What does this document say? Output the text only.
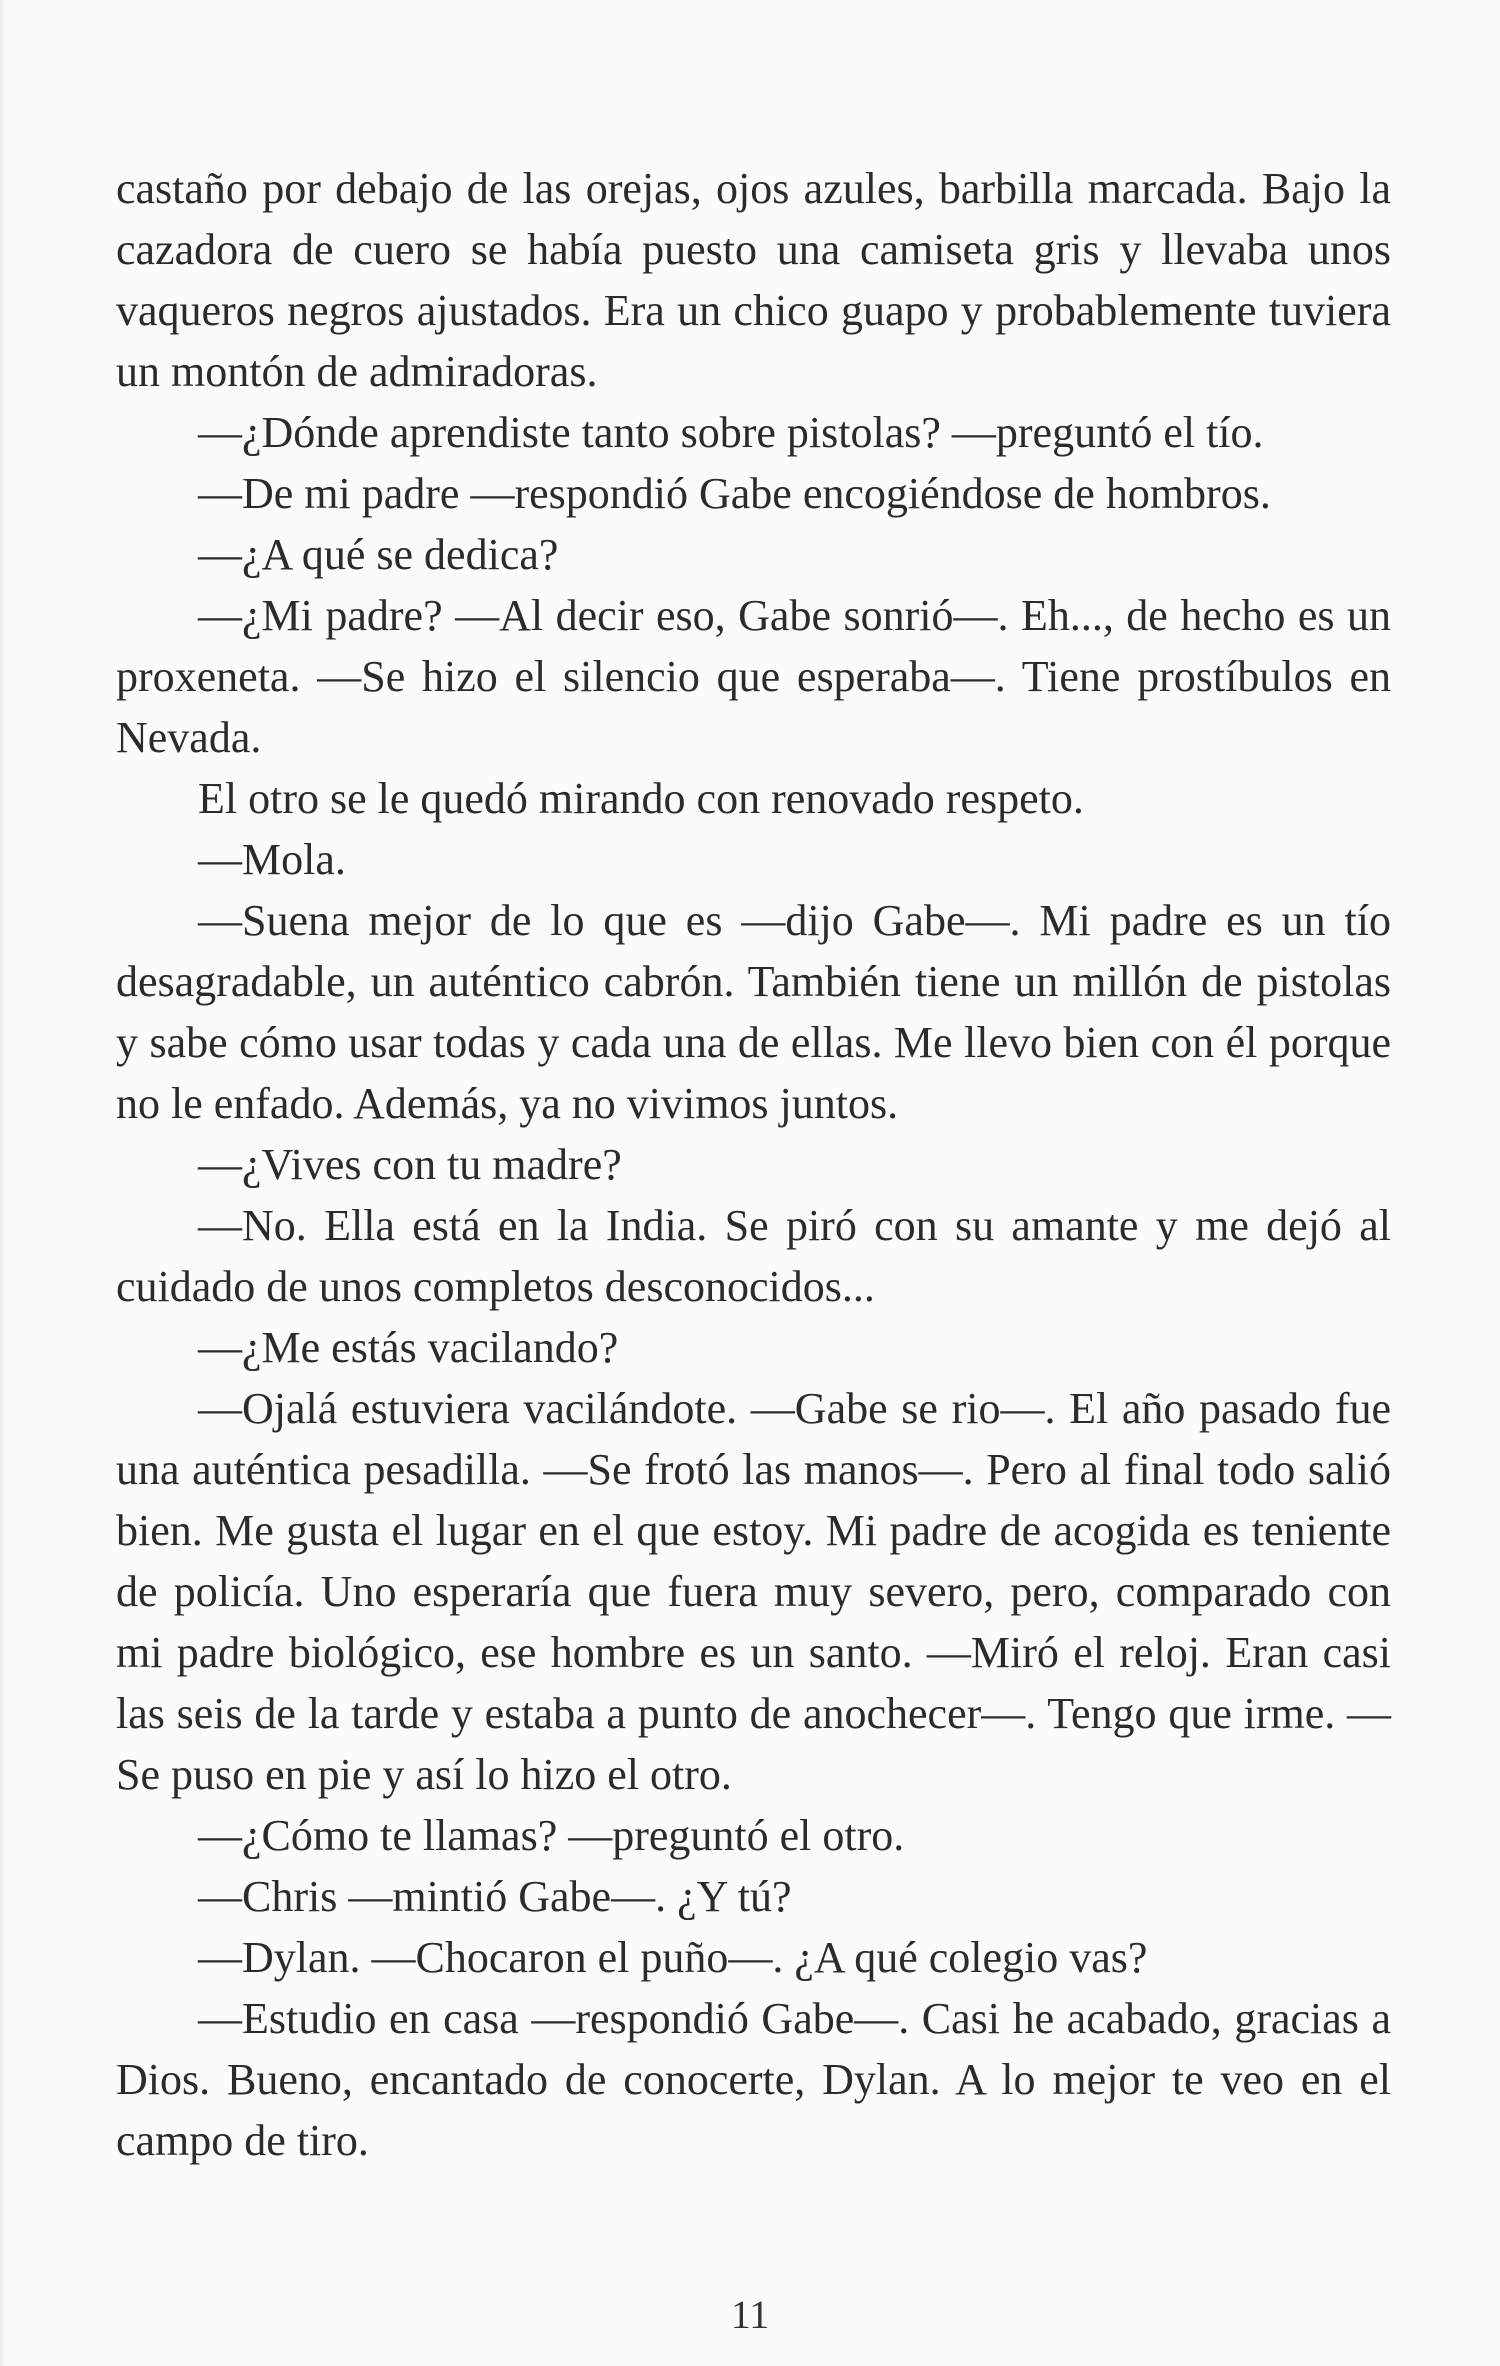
castaño por debajo de las orejas, ojos azules, barbilla marcada. Bajo la cazadora de cuero se había puesto una camiseta gris y llevaba unos vaqueros negros ajustados. Era un chico guapo y probablemente tuviera un montón de admiradoras.

—¿Dónde aprendiste tanto sobre pistolas? —preguntó el tío.

—De mi padre —respondió Gabe encogiéndose de hombros.

—¿A qué se dedica?

—¿Mi padre? —Al decir eso, Gabe sonrió—. Eh..., de hecho es un proxeneta. —Se hizo el silencio que esperaba—. Tiene prostíbulos en Nevada.

El otro se le quedó mirando con renovado respeto.

—Mola.

—Suena mejor de lo que es —dijo Gabe—. Mi padre es un tío desagradable, un auténtico cabrón. También tiene un millón de pistolas y sabe cómo usar todas y cada una de ellas. Me llevo bien con él porque no le enfado. Además, ya no vivimos juntos.

—¿Vives con tu madre?

—No. Ella está en la India. Se piró con su amante y me dejó al cuidado de unos completos desconocidos...

—¿Me estás vacilando?

—Ojalá estuviera vacilándote. —Gabe se rio—. El año pasado fue una auténtica pesadilla. —Se frotó las manos—. Pero al final todo salió bien. Me gusta el lugar en el que estoy. Mi padre de acogida es teniente de policía. Uno esperaría que fuera muy severo, pero, comparado con mi padre biológico, ese hombre es un santo. —Miró el reloj. Eran casi las seis de la tarde y estaba a punto de anochecer—. Tengo que irme. —Se puso en pie y así lo hizo el otro.

—¿Cómo te llamas? —preguntó el otro.

—Chris —mintió Gabe—. ¿Y tú?

—Dylan. —Chocaron el puño—. ¿A qué colegio vas?

—Estudio en casa —respondió Gabe—. Casi he acabado, gracias a Dios. Bueno, encantado de conocerte, Dylan. A lo mejor te veo en el campo de tiro.

11
